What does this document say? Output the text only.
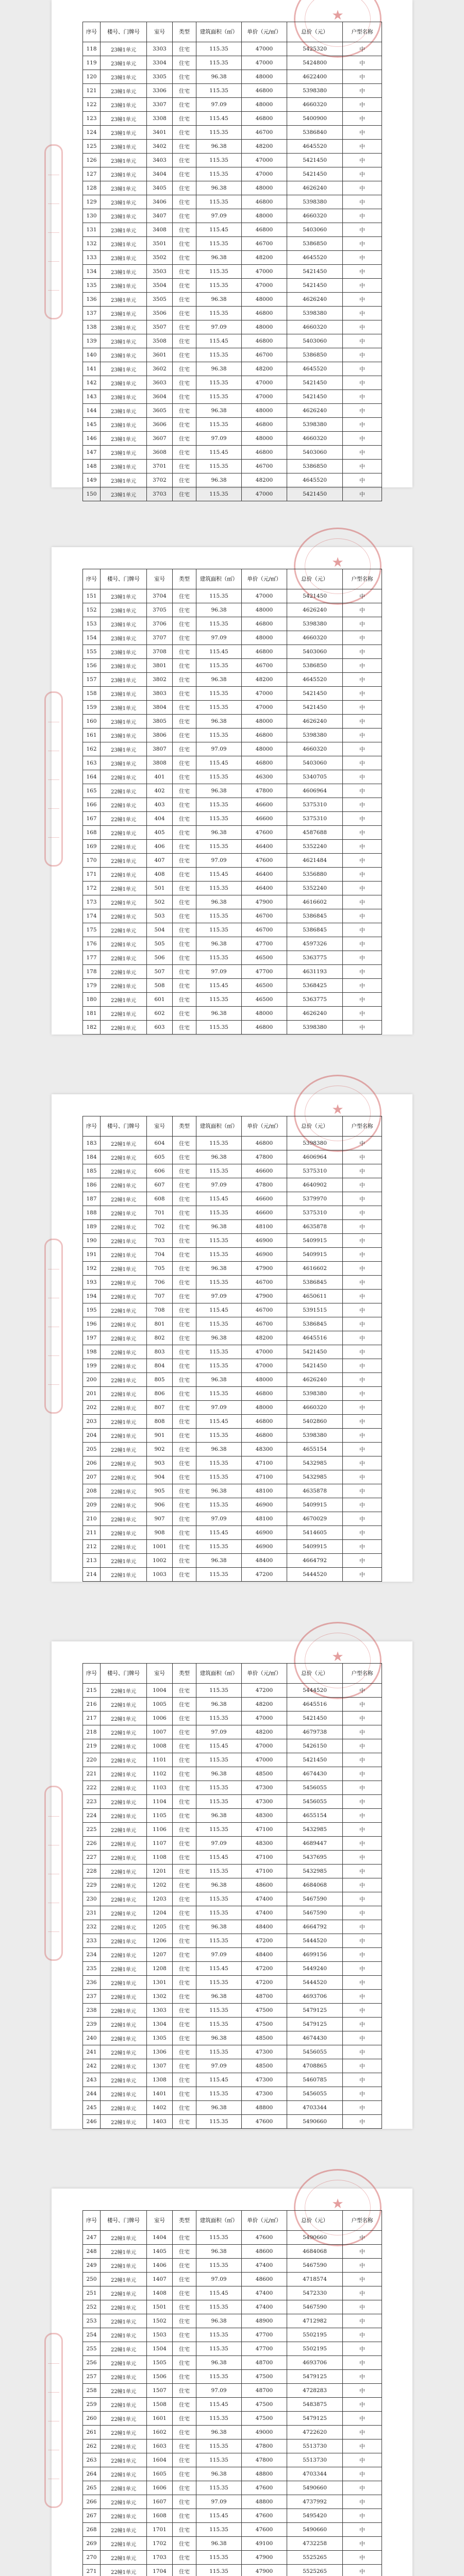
★
序号	楼号、门牌号	室号	类型	建筑面积（㎡）	单价（元/㎡）	总价（元）	户型名称
118	23幢1单元	3303	住宅	115.35	47000	5425320	中
119	23幢1单元	3304	住宅	115.35	47000	5424800	中
120	23幢1单元	3305	住宅	96.38	48000	4622400	中
121	23幢1单元	3306	住宅	115.35	46800	5398380	中
122	23幢1单元	3307	住宅	97.09	48000	4660320	中
123	23幢1单元	3308	住宅	115.45	46800	5400900	中
124	23幢1单元	3401	住宅	115.35	46700	5386840	中
125	23幢1单元	3402	住宅	96.38	48200	4645520	中
126	23幢1单元	3403	住宅	115.35	47000	5421450	中
127	23幢1单元	3404	住宅	115.35	47000	5421450	中
128	23幢1单元	3405	住宅	96.38	48000	4626240	中
129	23幢1单元	3406	住宅	115.35	46800	5398380	中
130	23幢1单元	3407	住宅	97.09	48000	4660320	中
131	23幢1单元	3408	住宅	115.45	46800	5403060	中
132	23幢1单元	3501	住宅	115.35	46700	5386850	中
133	23幢1单元	3502	住宅	96.38	48200	4645520	中
134	23幢1单元	3503	住宅	115.35	47000	5421450	中
135	23幢1单元	3504	住宅	115.35	47000	5421450	中
136	23幢1单元	3505	住宅	96.38	48000	4626240	中
137	23幢1单元	3506	住宅	115.35	46800	5398380	中
138	23幢1单元	3507	住宅	97.09	48000	4660320	中
139	23幢1单元	3508	住宅	115.45	46800	5403060	中
140	23幢1单元	3601	住宅	115.35	46700	5386850	中
141	23幢1单元	3602	住宅	96.38	48200	4645520	中
142	23幢1单元	3603	住宅	115.35	47000	5421450	中
143	23幢1单元	3604	住宅	115.35	47000	5421450	中
144	23幢1单元	3605	住宅	96.38	48000	4626240	中
145	23幢1单元	3606	住宅	115.35	46800	5398380	中
146	23幢1单元	3607	住宅	97.09	48000	4660320	中
147	23幢1单元	3608	住宅	115.45	46800	5403060	中
148	23幢1单元	3701	住宅	115.35	46700	5386850	中
149	23幢1单元	3702	住宅	96.38	48200	4645520	中
150	23幢1单元	3703	住宅	115.35	47000	5421450	中
★
序号	楼号、门牌号	室号	类型	建筑面积（㎡）	单价（元/㎡）	总价（元）	户型名称
151	23幢1单元	3704	住宅	115.35	47000	5421450	中
152	23幢1单元	3705	住宅	96.38	48000	4626240	中
153	23幢1单元	3706	住宅	115.35	46800	5398380	中
154	23幢1单元	3707	住宅	97.09	48000	4660320	中
155	23幢1单元	3708	住宅	115.45	46800	5403060	中
156	23幢1单元	3801	住宅	115.35	46700	5386850	中
157	23幢1单元	3802	住宅	96.38	48200	4645520	中
158	23幢1单元	3803	住宅	115.35	47000	5421450	中
159	23幢1单元	3804	住宅	115.35	47000	5421450	中
160	23幢1单元	3805	住宅	96.38	48000	4626240	中
161	23幢1单元	3806	住宅	115.35	46800	5398380	中
162	23幢1单元	3807	住宅	97.09	48000	4660320	中
163	23幢1单元	3808	住宅	115.45	46800	5403060	中
164	22幢1单元	401	住宅	115.35	46300	5340705	中
165	22幢1单元	402	住宅	96.38	47800	4606964	中
166	22幢1单元	403	住宅	115.35	46600	5375310	中
167	22幢1单元	404	住宅	115.35	46600	5375310	中
168	22幢1单元	405	住宅	96.38	47600	4587688	中
169	22幢1单元	406	住宅	115.35	46400	5352240	中
170	22幢1单元	407	住宅	97.09	47600	4621484	中
171	22幢1单元	408	住宅	115.45	46400	5356880	中
172	22幢1单元	501	住宅	115.35	46400	5352240	中
173	22幢1单元	502	住宅	96.38	47900	4616602	中
174	22幢1单元	503	住宅	115.35	46700	5386845	中
175	22幢1单元	504	住宅	115.35	46700	5386845	中
176	22幢1单元	505	住宅	96.38	47700	4597326	中
177	22幢1单元	506	住宅	115.35	46500	5363775	中
178	22幢1单元	507	住宅	97.09	47700	4631193	中
179	22幢1单元	508	住宅	115.45	46500	5368425	中
180	22幢1单元	601	住宅	115.35	46500	5363775	中
181	22幢1单元	602	住宅	96.38	48000	4626240	中
182	22幢1单元	603	住宅	115.35	46800	5398380	中
★
序号	楼号、门牌号	室号	类型	建筑面积（㎡）	单价（元/㎡）	总价（元）	户型名称
183	22幢1单元	604	住宅	115.35	46800	5398380	中
184	22幢1单元	605	住宅	96.38	47800	4606964	中
185	22幢1单元	606	住宅	115.35	46600	5375310	中
186	22幢1单元	607	住宅	97.09	47800	4640902	中
187	22幢1单元	608	住宅	115.45	46600	5379970	中
188	22幢1单元	701	住宅	115.35	46600	5375310	中
189	22幢1单元	702	住宅	96.38	48100	4635878	中
190	22幢1单元	703	住宅	115.35	46900	5409915	中
191	22幢1单元	704	住宅	115.35	46900	5409915	中
192	22幢1单元	705	住宅	96.38	47900	4616602	中
193	22幢1单元	706	住宅	115.35	46700	5386845	中
194	22幢1单元	707	住宅	97.09	47900	4650611	中
195	22幢1单元	708	住宅	115.45	46700	5391515	中
196	22幢1单元	801	住宅	115.35	46700	5386845	中
197	22幢1单元	802	住宅	96.38	48200	4645516	中
198	22幢1单元	803	住宅	115.35	47000	5421450	中
199	22幢1单元	804	住宅	115.35	47000	5421450	中
200	22幢1单元	805	住宅	96.38	48000	4626240	中
201	22幢1单元	806	住宅	115.35	46800	5398380	中
202	22幢1单元	807	住宅	97.09	48000	4660320	中
203	22幢1单元	808	住宅	115.45	46800	5402860	中
204	22幢1单元	901	住宅	115.35	46800	5398380	中
205	22幢1单元	902	住宅	96.38	48300	4655154	中
206	22幢1单元	903	住宅	115.35	47100	5432985	中
207	22幢1单元	904	住宅	115.35	47100	5432985	中
208	22幢1单元	905	住宅	96.38	48100	4635878	中
209	22幢1单元	906	住宅	115.35	46900	5409915	中
210	22幢1单元	907	住宅	97.09	48100	4670029	中
211	22幢1单元	908	住宅	115.45	46900	5414605	中
212	22幢1单元	1001	住宅	115.35	46900	5409915	中
213	22幢1单元	1002	住宅	96.38	48400	4664792	中
214	22幢1单元	1003	住宅	115.35	47200	5444520	中
★
序号	楼号、门牌号	室号	类型	建筑面积（㎡）	单价（元/㎡）	总价（元）	户型名称
215	22幢1单元	1004	住宅	115.35	47200	5444520	中
216	22幢1单元	1005	住宅	96.38	48200	4645516	中
217	22幢1单元	1006	住宅	115.35	47000	5421450	中
218	22幢1单元	1007	住宅	97.09	48200	4679738	中
219	22幢1单元	1008	住宅	115.45	47000	5426150	中
220	22幢1单元	1101	住宅	115.35	47000	5421450	中
221	22幢1单元	1102	住宅	96.38	48500	4674430	中
222	22幢1单元	1103	住宅	115.35	47300	5456055	中
223	22幢1单元	1104	住宅	115.35	47300	5456055	中
224	22幢1单元	1105	住宅	96.38	48300	4655154	中
225	22幢1单元	1106	住宅	115.35	47100	5432985	中
226	22幢1单元	1107	住宅	97.09	48300	4689447	中
227	22幢1单元	1108	住宅	115.45	47100	5437695	中
228	22幢1单元	1201	住宅	115.35	47100	5432985	中
229	22幢1单元	1202	住宅	96.38	48600	4684068	中
230	22幢1单元	1203	住宅	115.35	47400	5467590	中
231	22幢1单元	1204	住宅	115.35	47400	5467590	中
232	22幢1单元	1205	住宅	96.38	48400	4664792	中
233	22幢1单元	1206	住宅	115.35	47200	5444520	中
234	22幢1单元	1207	住宅	97.09	48400	4699156	中
235	22幢1单元	1208	住宅	115.45	47200	5449240	中
236	22幢1单元	1301	住宅	115.35	47200	5444520	中
237	22幢1单元	1302	住宅	96.38	48700	4693706	中
238	22幢1单元	1303	住宅	115.35	47500	5479125	中
239	22幢1单元	1304	住宅	115.35	47500	5479125	中
240	22幢1单元	1305	住宅	96.38	48500	4674430	中
241	22幢1单元	1306	住宅	115.35	47300	5456055	中
242	22幢1单元	1307	住宅	97.09	48500	4708865	中
243	22幢1单元	1308	住宅	115.45	47300	5460785	中
244	22幢1单元	1401	住宅	115.35	47300	5456055	中
245	22幢1单元	1402	住宅	96.38	48800	4703344	中
246	22幢1单元	1403	住宅	115.35	47600	5490660	中
★
序号	楼号、门牌号	室号	类型	建筑面积（㎡）	单价（元/㎡）	总价（元）	户型名称
247	22幢1单元	1404	住宅	115.35	47600	5490660	中
248	22幢1单元	1405	住宅	96.38	48600	4684068	中
249	22幢1单元	1406	住宅	115.35	47400	5467590	中
250	22幢1单元	1407	住宅	97.09	48600	4718574	中
251	22幢1单元	1408	住宅	115.45	47400	5472330	中
252	22幢1单元	1501	住宅	115.35	47400	5467590	中
253	22幢1单元	1502	住宅	96.38	48900	4712982	中
254	22幢1单元	1503	住宅	115.35	47700	5502195	中
255	22幢1单元	1504	住宅	115.35	47700	5502195	中
256	22幢1单元	1505	住宅	96.38	48700	4693706	中
257	22幢1单元	1506	住宅	115.35	47500	5479125	中
258	22幢1单元	1507	住宅	97.09	48700	4728283	中
259	22幢1单元	1508	住宅	115.45	47500	5483875	中
260	22幢1单元	1601	住宅	115.35	47500	5479125	中
261	22幢1单元	1602	住宅	96.38	49000	4722620	中
262	22幢1单元	1603	住宅	115.35	47800	5513730	中
263	22幢1单元	1604	住宅	115.35	47800	5513730	中
264	22幢1单元	1605	住宅	96.38	48800	4703344	中
265	22幢1单元	1606	住宅	115.35	47600	5490660	中
266	22幢1单元	1607	住宅	97.09	48800	4737992	中
267	22幢1单元	1608	住宅	115.45	47600	5495420	中
268	22幢1单元	1701	住宅	115.35	47600	5490660	中
269	22幢1单元	1702	住宅	96.38	49100	4732258	中
270	22幢1单元	1703	住宅	115.35	47900	5525265	中
271	22幢1单元	1704	住宅	115.35	47900	5525265	中
